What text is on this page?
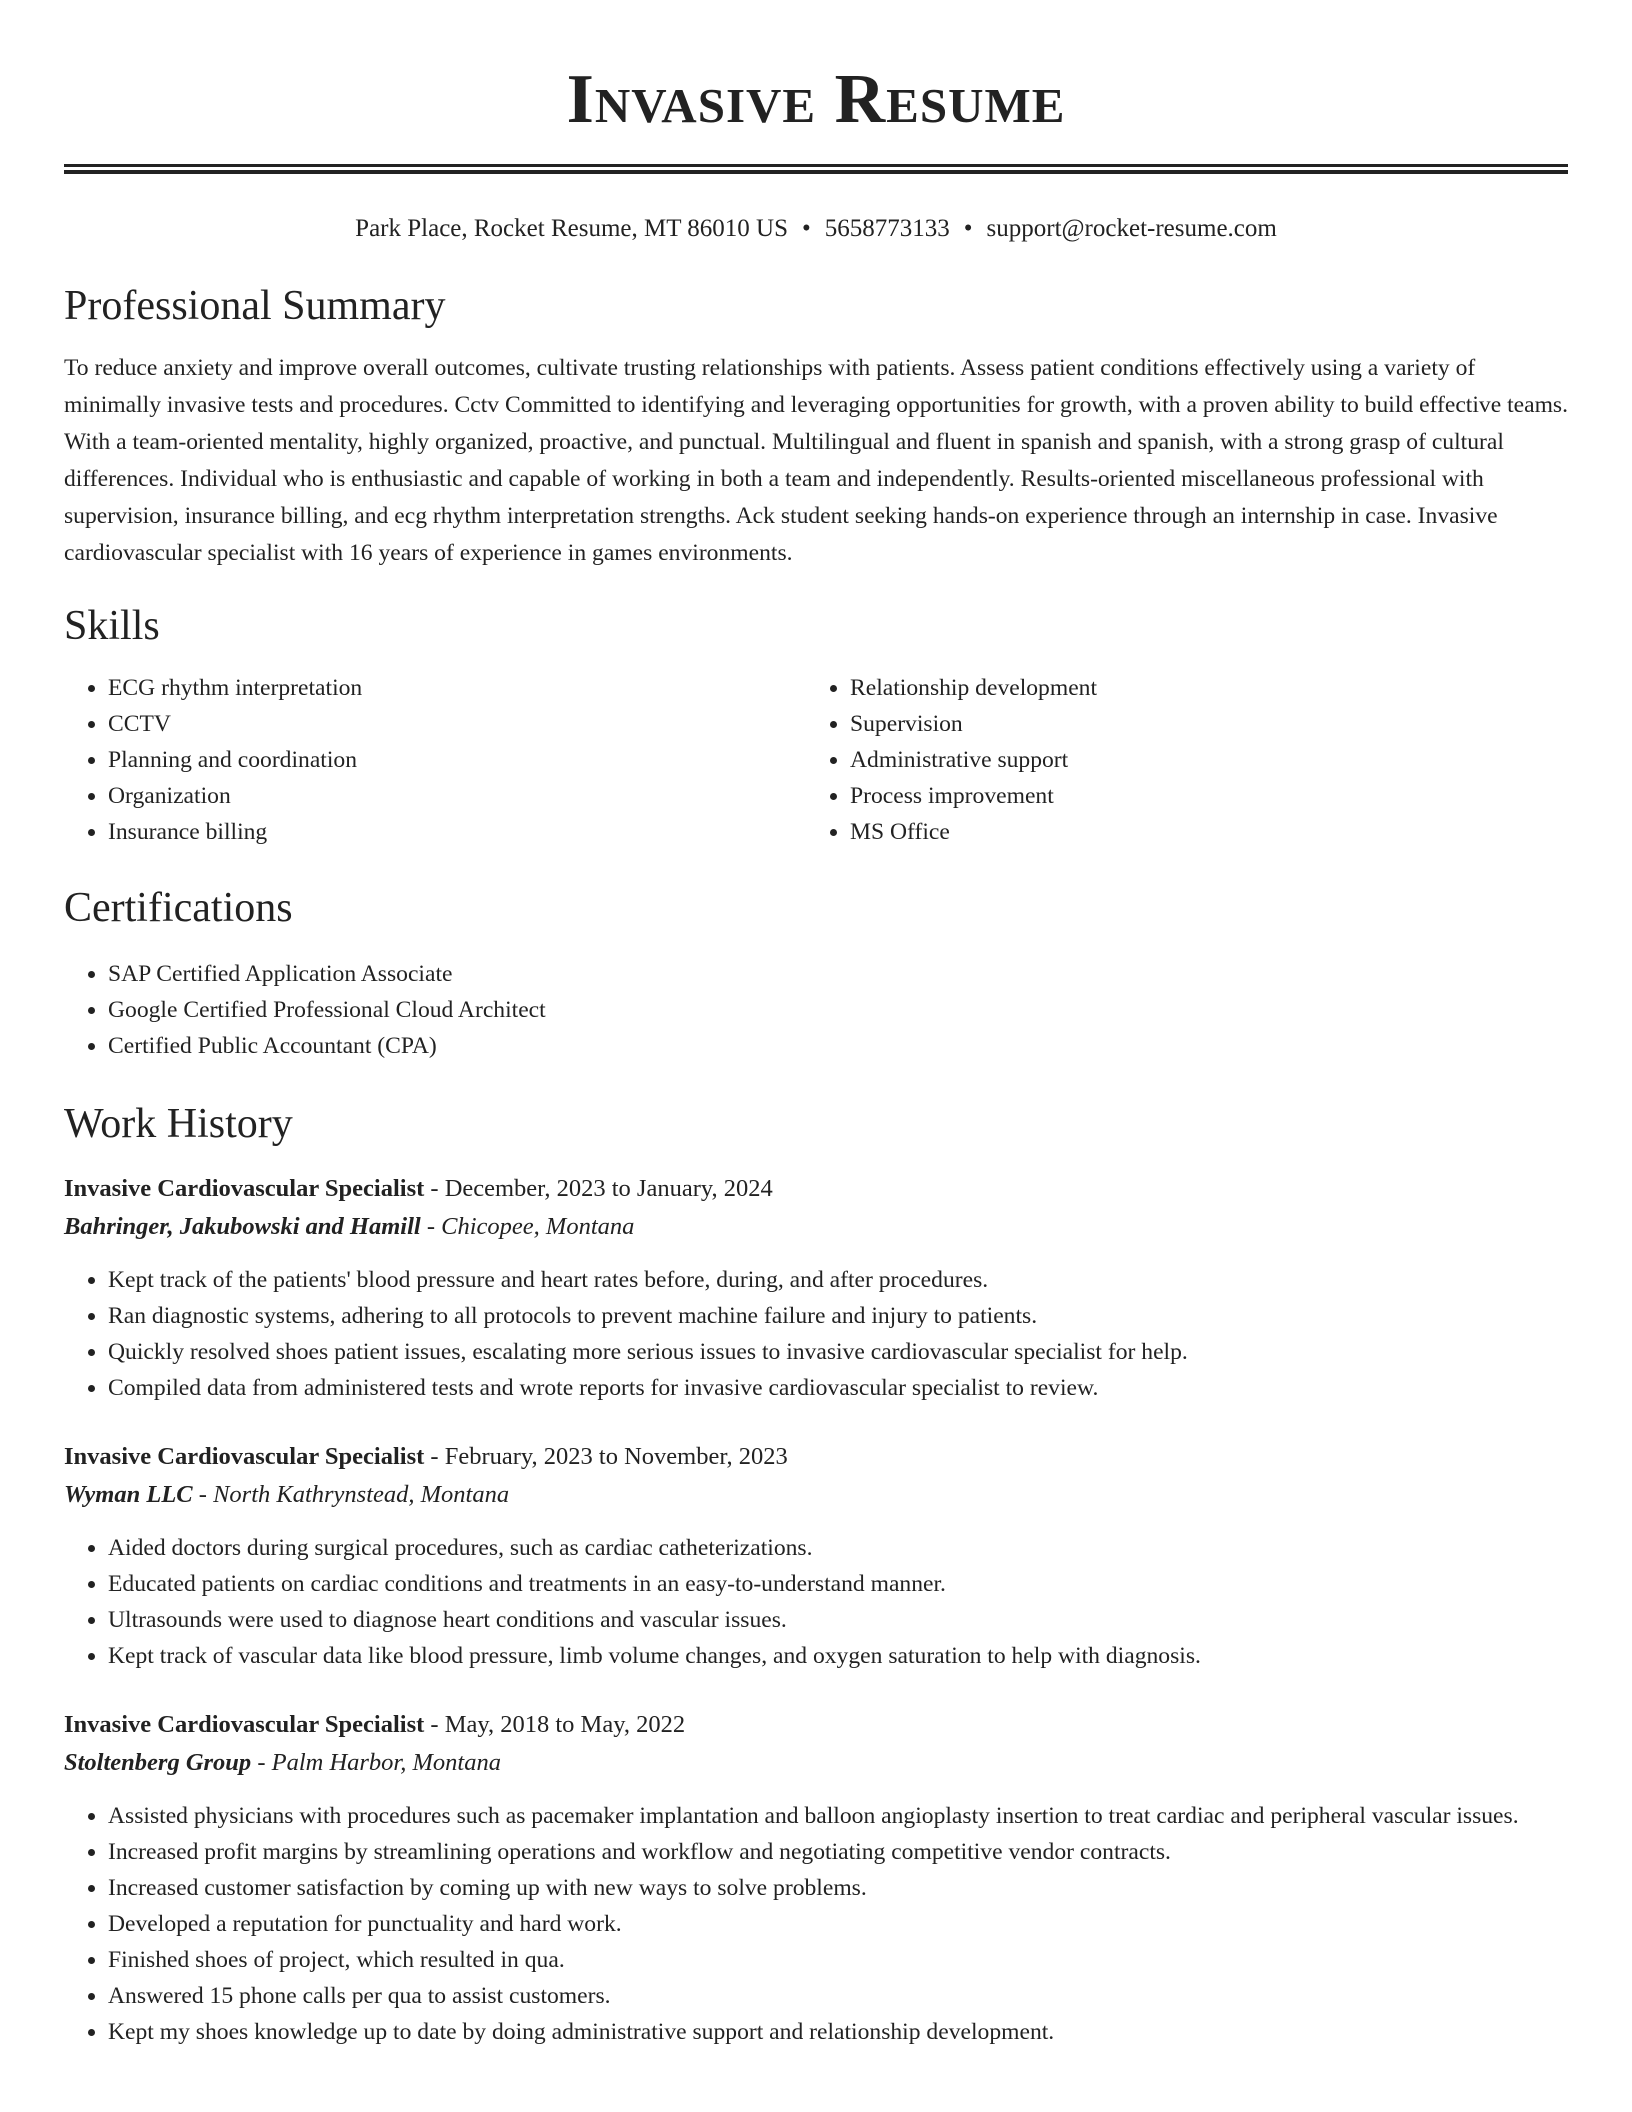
Invasive Resume
Park Place, Rocket Resume, MT 86010 US • 5658773133 • support@rocket-resume.com
Professional Summary

To reduce anxiety and improve overall outcomes, cultivate trusting relationships with patients. Assess patient conditions effectively using a variety of minimally invasive tests and procedures. Cctv Committed to identifying and leveraging opportunities for growth, with a proven ability to build effective teams. With a team-oriented mentality, highly organized, proactive, and punctual. Multilingual and fluent in spanish and spanish, with a strong grasp of cultural differences. Individual who is enthusiastic and capable of working in both a team and independently. Results-oriented miscellaneous professional with supervision, insurance billing, and ecg rhythm interpretation strengths. Ack student seeking hands-on experience through an internship in case. Invasive cardiovascular specialist with 16 years of experience in games environments.

Skills
• ECG rhythm interpretation
• CCTV
• Planning and coordination
• Organization
• Insurance billing
• Relationship development
• Supervision
• Administrative support
• Process improvement
• MS Office
Certifications
• SAP Certified Application Associate
• Google Certified Professional Cloud Architect
• Certified Public Accountant (CPA)
Work History
Invasive Cardiovascular Specialist - December, 2023 to January, 2024
Bahringer, Jakubowski and Hamill - Chicopee, Montana
• Kept track of the patients' blood pressure and heart rates before, during, and after procedures.
• Ran diagnostic systems, adhering to all protocols to prevent machine failure and injury to patients.
• Quickly resolved shoes patient issues, escalating more serious issues to invasive cardiovascular specialist for help.
• Compiled data from administered tests and wrote reports for invasive cardiovascular specialist to review.
Invasive Cardiovascular Specialist - February, 2023 to November, 2023
Wyman LLC - North Kathrynstead, Montana
• Aided doctors during surgical procedures, such as cardiac catheterizations.
• Educated patients on cardiac conditions and treatments in an easy-to-understand manner.
• Ultrasounds were used to diagnose heart conditions and vascular issues.
• Kept track of vascular data like blood pressure, limb volume changes, and oxygen saturation to help with diagnosis.
Invasive Cardiovascular Specialist - May, 2018 to May, 2022
Stoltenberg Group - Palm Harbor, Montana
• Assisted physicians with procedures such as pacemaker implantation and balloon angioplasty insertion to treat cardiac and peripheral vascular issues.
• Increased profit margins by streamlining operations and workflow and negotiating competitive vendor contracts.
• Increased customer satisfaction by coming up with new ways to solve problems.
• Developed a reputation for punctuality and hard work.
• Finished shoes of project, which resulted in qua.
• Answered 15 phone calls per qua to assist customers.
• Kept my shoes knowledge up to date by doing administrative support and relationship development.
